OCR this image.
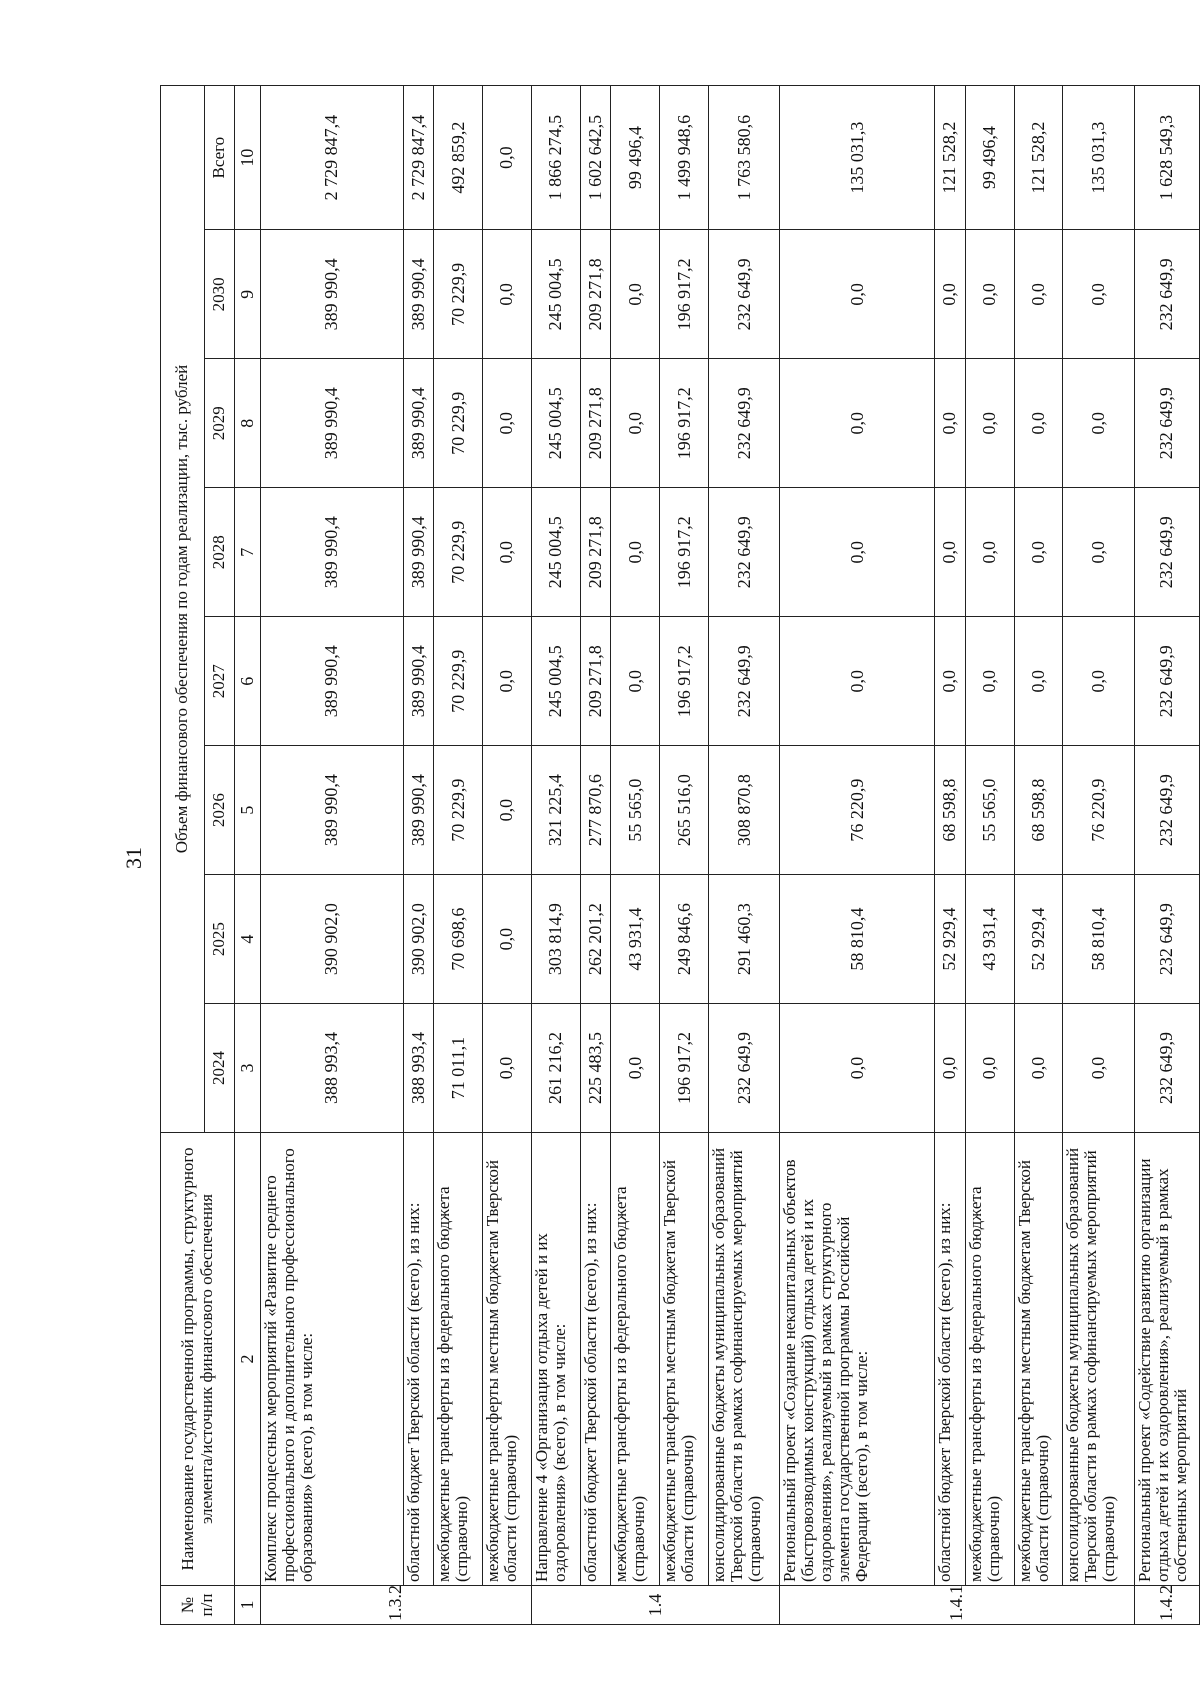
31
№ п/п	Наименование государственной программы, структурного элемента/источник финансового обеспечения	Объем финансового обеспечения по годам реализации, тыс. рублей							
		2024	2025	2026	2027	2028	2029	2030	Всего
1	2	3	4	5	6	7	8	9	10
1.3.2	Комплекс процессных мероприятий «Развитие среднего профессионального и дополнительного профессионального образования» (всего), в том числе:	388 993,4	390 902,0	389 990,4	389 990,4	389 990,4	389 990,4	389 990,4	2 729 847,4
	областной бюджет Тверской области (всего), из них:	388 993,4	390 902,0	389 990,4	389 990,4	389 990,4	389 990,4	389 990,4	2 729 847,4
	межбюджетные трансферты из федерального бюджета (справочно)	71 011,1	70 698,6	70 229,9	70 229,9	70 229,9	70 229,9	70 229,9	492 859,2
	межбюджетные трансферты местным бюджетам Тверской области (справочно)	0,0	0,0	0,0	0,0	0,0	0,0	0,0	0,0
1.4	Направление 4 «Организация отдыха детей и их оздоровления» (всего), в том числе:	261 216,2	303 814,9	321 225,4	245 004,5	245 004,5	245 004,5	245 004,5	1 866 274,5
	областной бюджет Тверской области (всего), из них:	225 483,5	262 201,2	277 870,6	209 271,8	209 271,8	209 271,8	209 271,8	1 602 642,5
	межбюджетные трансферты из федерального бюджета (справочно)	0,0	43 931,4	55 565,0	0,0	0,0	0,0	0,0	99 496,4
	межбюджетные трансферты местным бюджетам Тверской области (справочно)	196 917,2	249 846,6	265 516,0	196 917,2	196 917,2	196 917,2	196 917,2	1 499 948,6
	консолидированные бюджеты муниципальных образований Тверской области в рамках софинансируемых мероприятий (справочно)	232 649,9	291 460,3	308 870,8	232 649,9	232 649,9	232 649,9	232 649,9	1 763 580,6
1.4.1	Региональный проект «Создание некапитальных объектов (быстровозводимых конструкций) отдыха детей и их оздоровления», реализуемый в рамках структурного элемента государственной программы Российской Федерации (всего), в том числе:	0,0	58 810,4	76 220,9	0,0	0,0	0,0	0,0	135 031,3
	областной бюджет Тверской области (всего), из них:	0,0	52 929,4	68 598,8	0,0	0,0	0,0	0,0	121 528,2
	межбюджетные трансферты из федерального бюджета (справочно)	0,0	43 931,4	55 565,0	0,0	0,0	0,0	0,0	99 496,4
	межбюджетные трансферты местным бюджетам Тверской области (справочно)	0,0	52 929,4	68 598,8	0,0	0,0	0,0	0,0	121 528,2
	консолидированные бюджеты муниципальных образований Тверской области в рамках софинансируемых мероприятий (справочно)	0,0	58 810,4	76 220,9	0,0	0,0	0,0	0,0	135 031,3
1.4.2	Региональный проект «Содействие развитию организации отдыха детей и их оздоровления», реализуемый в рамках собственных мероприятий	232 649,9	232 649,9	232 649,9	232 649,9	232 649,9	232 649,9	232 649,9	1 628 549,3
